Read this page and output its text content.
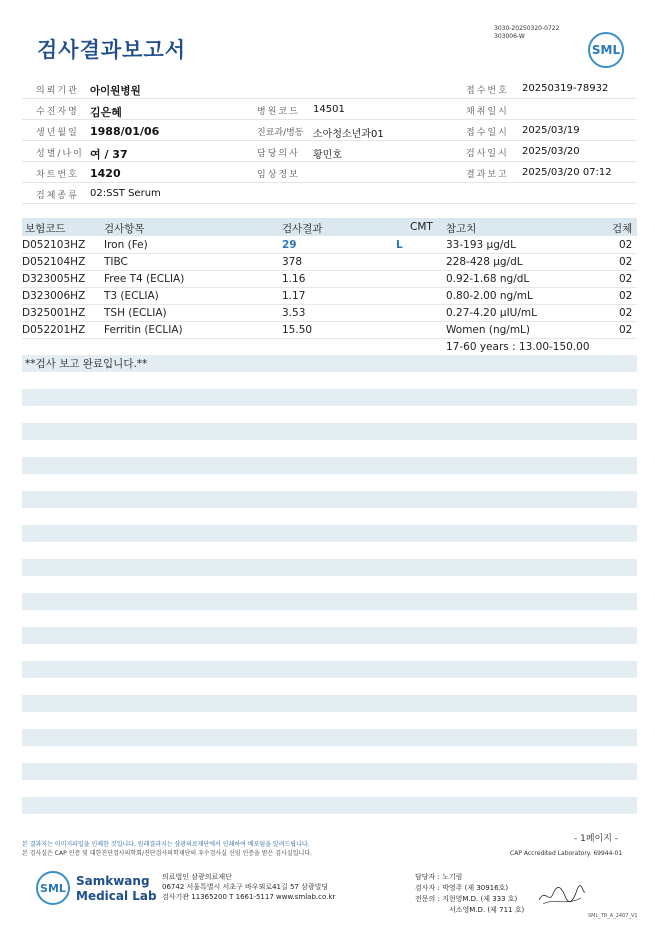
검사결과보고서
3030-20250320-0722
303006-W
SML
의뢰기관 아이원병원	접수번호 20250319-78932
수진자명 김은혜	병원코드 14501	채취일시
생년월일 1988/01/06	진료과/병동 소아청소년과01	접수일시 2025/03/19
성별/나이 여 / 37	담당의사 황민호	검사일시 2025/03/20
차트번호 1420	임상정보	결과보고 2025/03/20 07:12
검체종류 02:SST Serum
보험코드	검사항목	검사결과	CMT 참고치	검체
D052103HZ Iron (Fe)	29	L	33-193 μg/dL	02
D052104HZ TIBC	378	228-428 μg/dL	02
D323005HZ Free T4 (ECLIA)	1.16	0.92-1.68 ng/dL	02
D323006HZ T3 (ECLIA)	1.17	0.80-2.00 ng/mL	02
D325001HZ TSH (ECLIA)	3.53	0.27-4.20 μIU/mL	02
D052201HZ Ferritin (ECLIA)	15.50	Women (ng/mL)	02
17-60 years : 13.00-150.00
**검사 보고 완료입니다.**
- 1페이지 -
본 결과지는 이미지파일을 인쇄한 것입니다. 원래결과지는 삼광의료재단에서 인쇄하여 배포됨을 알려드립니다.
본 검사실은 CAP 인증 및 대한진단검사의학회/진단검사의학재단의 우수검사실 신임 인증을 받은 검사실입니다.	CAP Accredited Laboratory. 69944-01
SML Samkwang
Medical Lab
의료법인 삼광의료재단
06742 서울특별시 서초구 바우뫼로41길 57 삼광빌딩
검사기관 11365200 T 1661-5117 www.smlab.co.kr
담당자 : 노기림
검사자 : 박영주 (제 30916호)
전문의 : 지현영M.D. (제 333 호)
서소영M.D. (제 711 호)
SML_TR_A_2407_V1
